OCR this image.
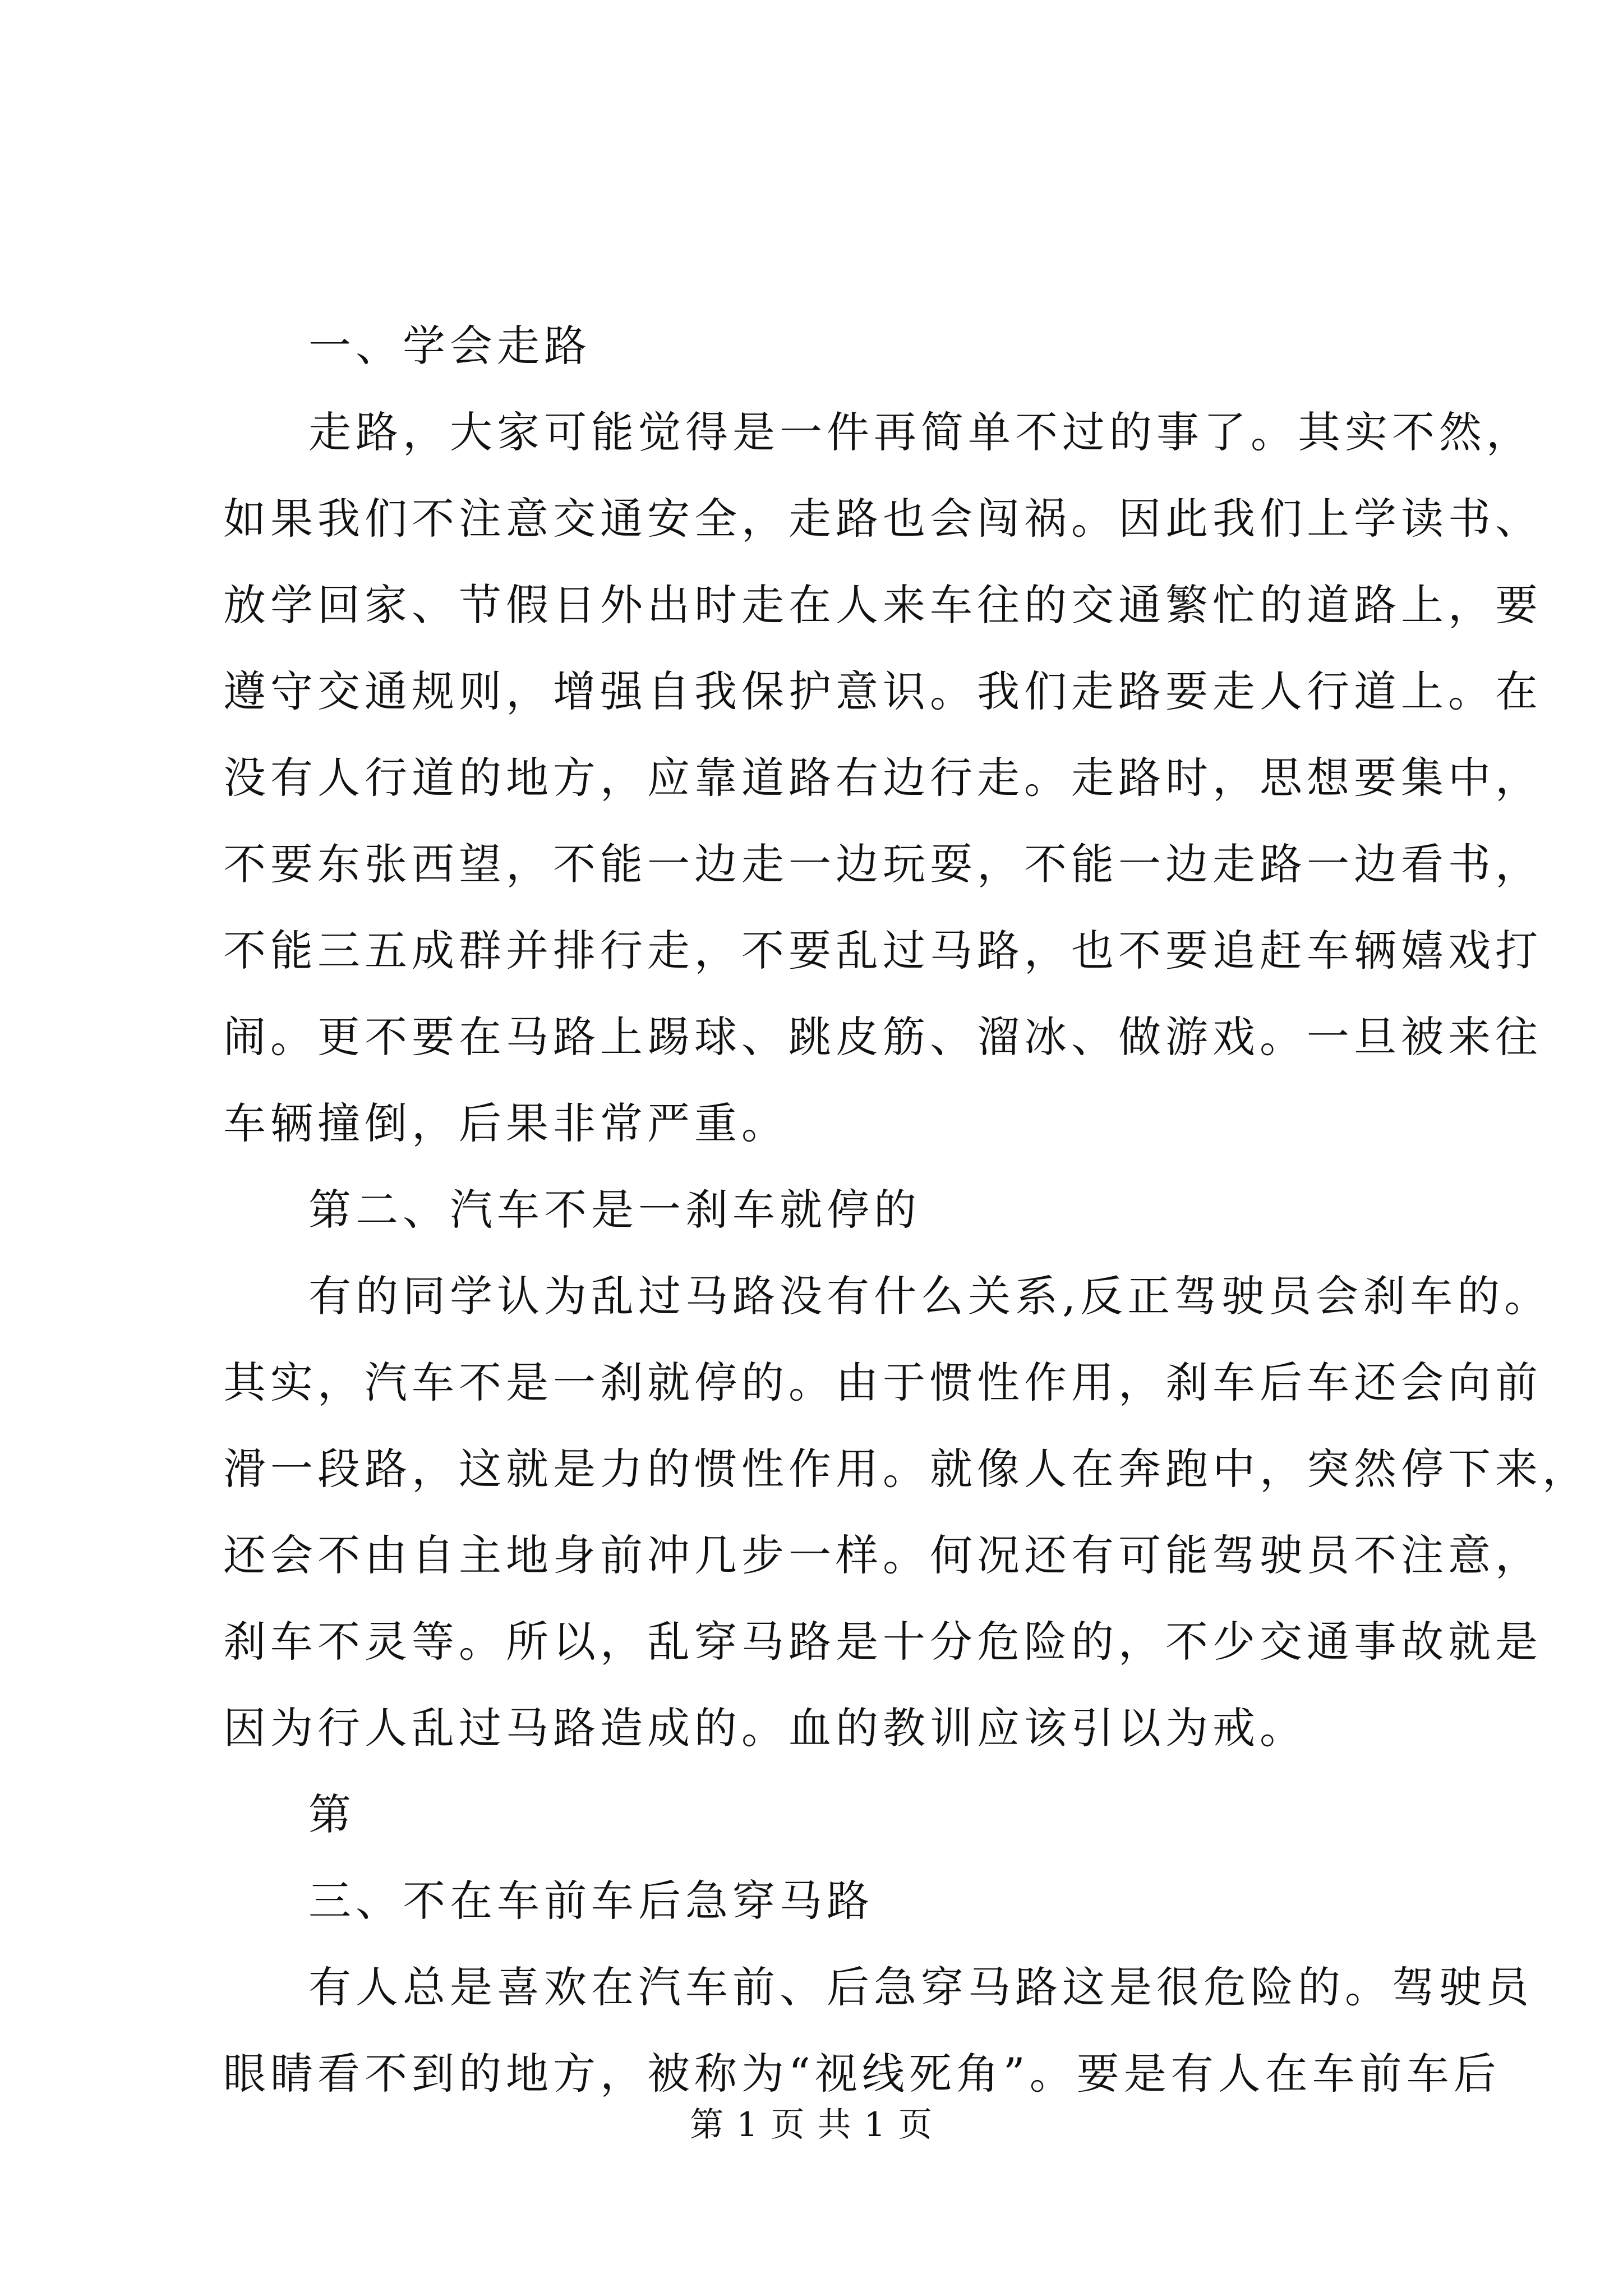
一、学会走路

走路，大家可能觉得是一件再简单不过的事了。其实不然，
如果我们不注意交通安全，走路也会闯祸。因此我们上学读书、
放学回家、节假日外出时走在人来车往的交通繁忙的道路上，要
遵守交通规则，增强自我保护意识。我们走路要走人行道上。在
没有人行道的地方，应靠道路右边行走。走路时，思想要集中，
不要东张西望，不能一边走一边玩耍，不能一边走路一边看书，
不能三五成群并排行走，不要乱过马路，也不要追赶车辆嬉戏打
闹。更不要在马路上踢球、跳皮筋、溜冰、做游戏。一旦被来往
车辆撞倒，后果非常严重。

第二、汽车不是一刹车就停的

有的同学认为乱过马路没有什么关系,反正驾驶员会刹车的。
其实，汽车不是一刹就停的。由于惯性作用，刹车后车还会向前
滑一段路，这就是力的惯性作用。就像人在奔跑中，突然停下来，
还会不由自主地身前冲几步一样。何况还有可能驾驶员不注意，
刹车不灵等。所以，乱穿马路是十分危险的，不少交通事故就是
因为行人乱过马路造成的。血的教训应该引以为戒。

第

三、不在车前车后急穿马路

有人总是喜欢在汽车前、后急穿马路这是很危险的。驾驶员
眼睛看不到的地方，被称为“视线死角”。要是有人在车前车后

第 1 页 共 1 页
